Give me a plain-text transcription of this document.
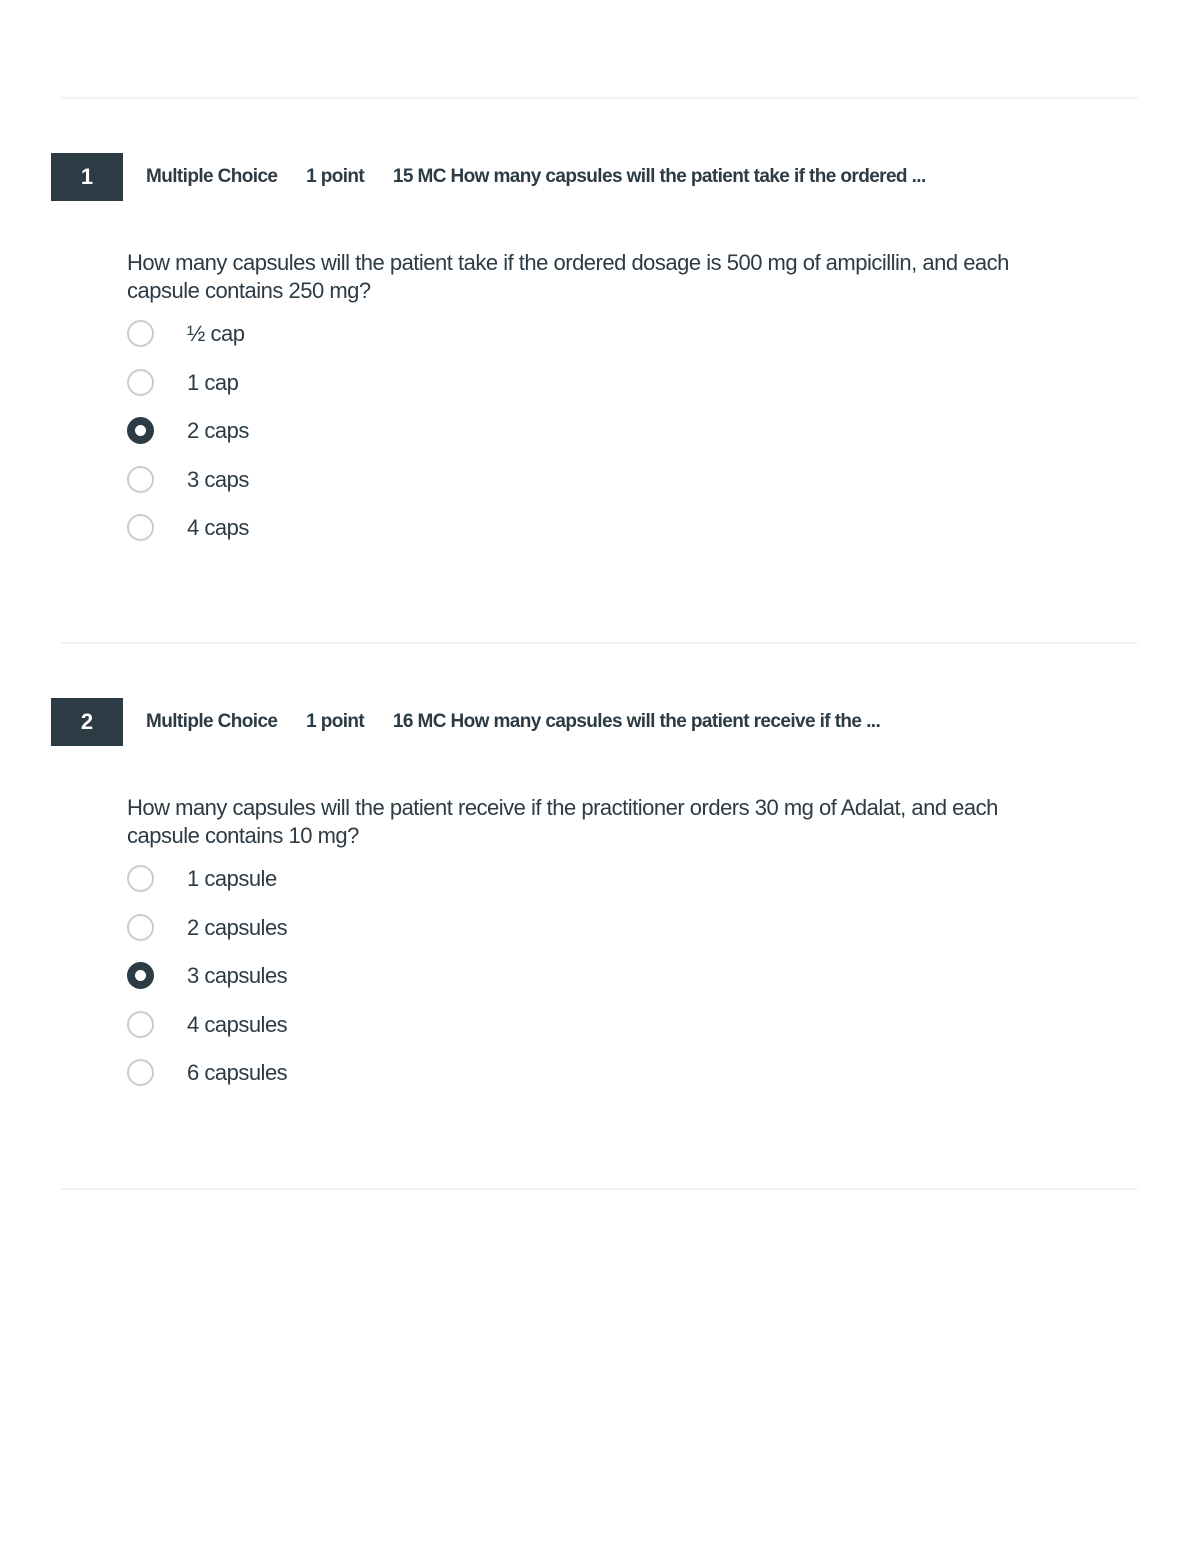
1	Multiple Choice 1 point 15 MC How many capsules will the patient take if the ordered ...
How many capsules will the patient take if the ordered dosage is 500 mg of ampicillin, and each capsule contains 250 mg?
½ cap
1 cap
2 caps
3 caps
4 caps
2	Multiple Choice 1 point 16 MC How many capsules will the patient receive if the ...
How many capsules will the patient receive if the practitioner orders 30 mg of Adalat, and each capsule contains 10 mg?
1 capsule
2 capsules
3 capsules
4 capsules
6 capsules
